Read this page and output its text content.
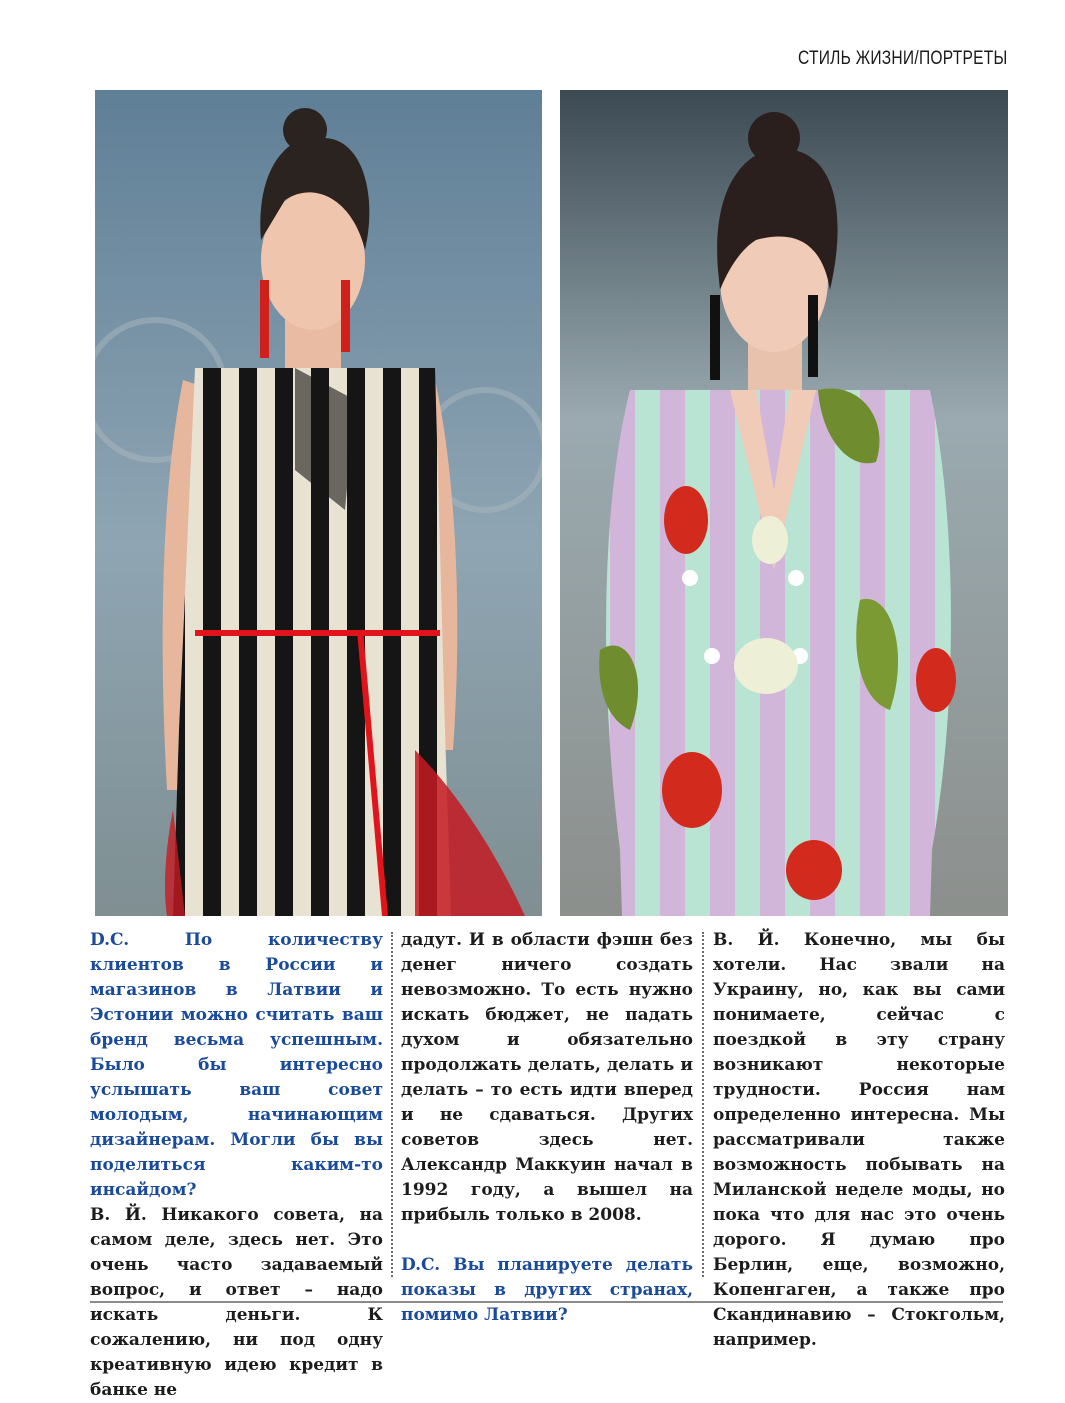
СТИЛЬ ЖИЗНИ/ПОРТРЕТЫ
D.C. По количеству клиентов в России и магазинов в Латвии и Эстонии можно считать ваш бренд весьма успешным. Было бы интересно услышать ваш совет молодым, начинающим дизайнерам. Могли бы вы поделиться каким-то инсайдом?
В. Й. Никакого совета, на самом деле, здесь нет. Это очень часто задаваемый вопрос, и ответ – надо искать деньги. К сожалению, ни под одну креативную идею кредит в банке не
дадут. И в области фэшн без денег ничего создать невозможно. То есть нужно искать бюджет, не падать духом и обязательно продолжать делать, делать и делать – то есть идти вперед и не сдаваться. Других советов здесь нет. Александр Маккуин начал в 1992 году, а вышел на прибыль только в 2008.
D.C. Вы планируете делать показы в других странах, помимо Латвии?
В. Й. Конечно, мы бы хотели. Нас звали на Украину, но, как вы сами понимаете, сейчас с поездкой в эту страну возникают некоторые трудности. Россия нам определенно интересна. Мы рассматривали также возможность побывать на Миланской неделе моды, но пока что для нас это очень дорого. Я думаю про Берлин, еще, возможно, Копенгаген, а также про Скандинавию – Стокгольм, например.
